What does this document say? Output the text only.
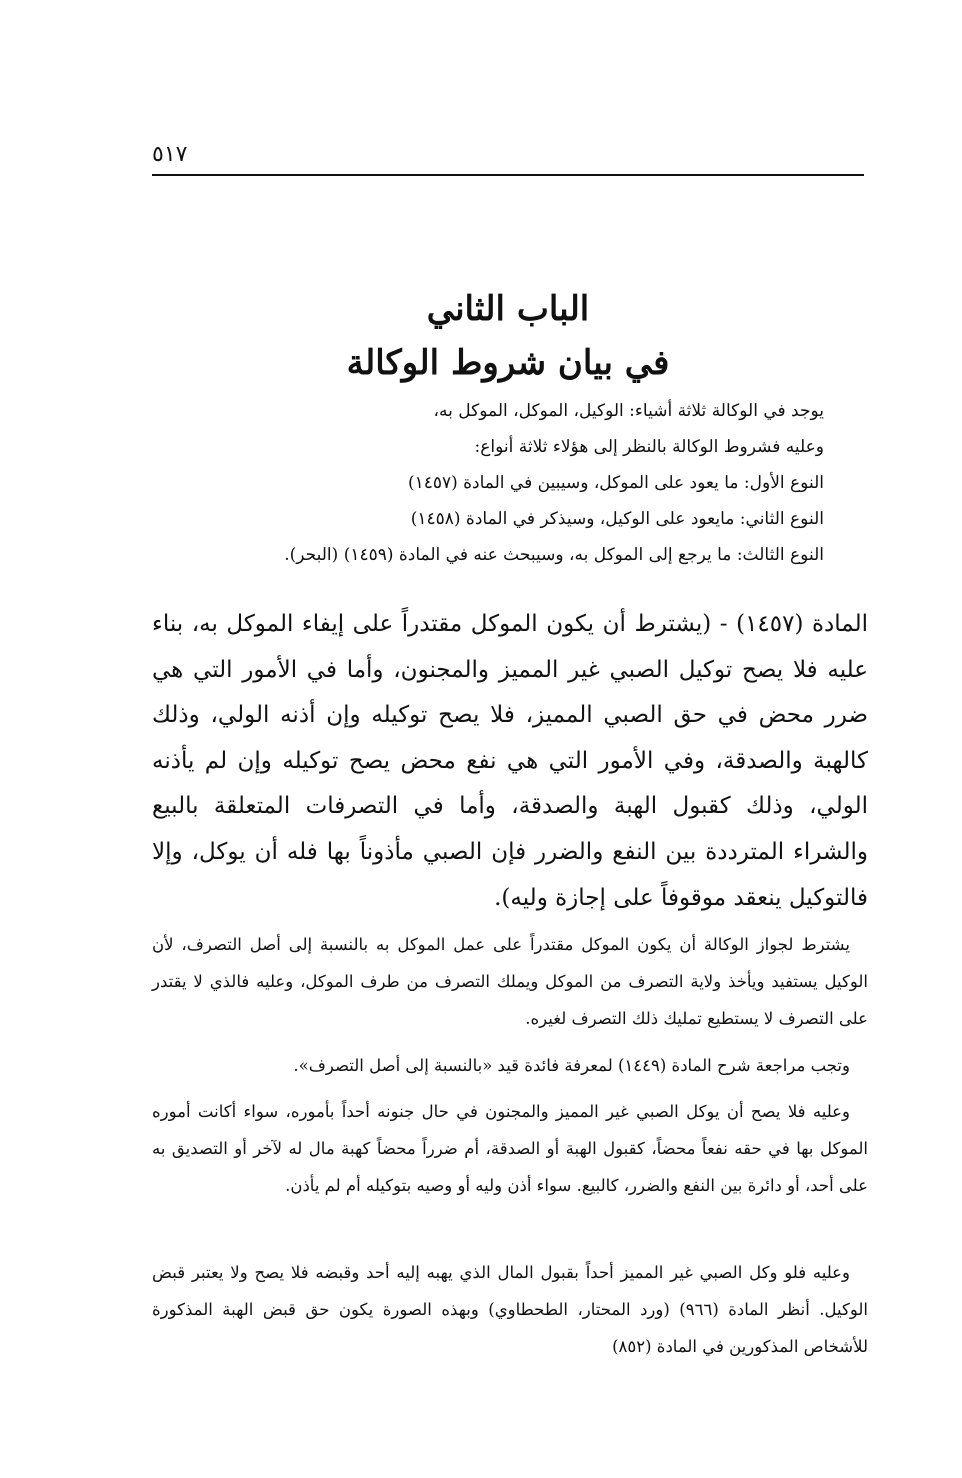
٥١٧
الباب الثاني
في بيان شروط الوكالة
يوجد في الوكالة ثلاثة أشياء: الوكيل، الموكل، الموكل به،
وعليه فشروط الوكالة بالنظر إلى هؤلاء ثلاثة أنواع:
النوع الأول: ما يعود على الموكل، وسيبين في المادة (١٤٥٧)
النوع الثاني: مايعود على الوكيل، وسيذكر في المادة (١٤٥٨)
النوع الثالث: ما يرجع إلى الموكل به، وسيبحث عنه في المادة (١٤٥٩) (البحر).

المادة (١٤٥٧) - (يشترط أن يكون الموكل مقتدراً على إيفاء الموكل به، بناء عليه فلا يصح توكيل الصبي غير المميز والمجنون، وأما في الأمور التي هي ضرر محض في حق الصبي المميز، فلا يصح توكيله وإن أذنه الولي، وذلك كالهبة والصدقة، وفي الأمور التي هي نفع محض يصح توكيله وإن لم يأذنه الولي، وذلك كقبول الهبة والصدقة، وأما في التصرفات المتعلقة بالبيع والشراء المترددة بين النفع والضرر فإن الصبي مأذوناً بها فله أن يوكل، وإلا فالتوكيل ينعقد موقوفاً على إجازة وليه).

يشترط لجواز الوكالة أن يكون الموكل مقتدراً على عمل الموكل به بالنسبة إلى أصل التصرف، لأن الوكيل يستفيد ويأخذ ولاية التصرف من الموكل ويملك التصرف من طرف الموكل، وعليه فالذي لا يقتدر على التصرف لا يستطيع تمليك ذلك التصرف لغيره.

وتجب مراجعة شرح المادة (١٤٤٩) لمعرفة فائدة قيد «بالنسبة إلى أصل التصرف».

وعليه فلا يصح أن يوكل الصبي غير المميز والمجنون في حال جنونه أحداً بأموره، سواء أكانت أموره الموكل بها في حقه نفعاً محضاً، كقبول الهبة أو الصدقة، أم ضرراً محضاً كهبة مال له لآخر أو التصديق به على أحد، أو دائرة بين النفع والضرر، كالبيع. سواء أذن وليه أو وصيه بتوكيله أم لم يأذن.

وعليه فلو وكل الصبي غير المميز أحداً بقبول المال الذي يهبه إليه أحد وقبضه فلا يصح ولا يعتبر قبض الوكيل. أنظر المادة (٩٦٦) (ورد المحتار، الطحطاوي) وبهذه الصورة يكون حق قبض الهبة المذكورة للأشخاص المذكورين في المادة (٨٥٢)
